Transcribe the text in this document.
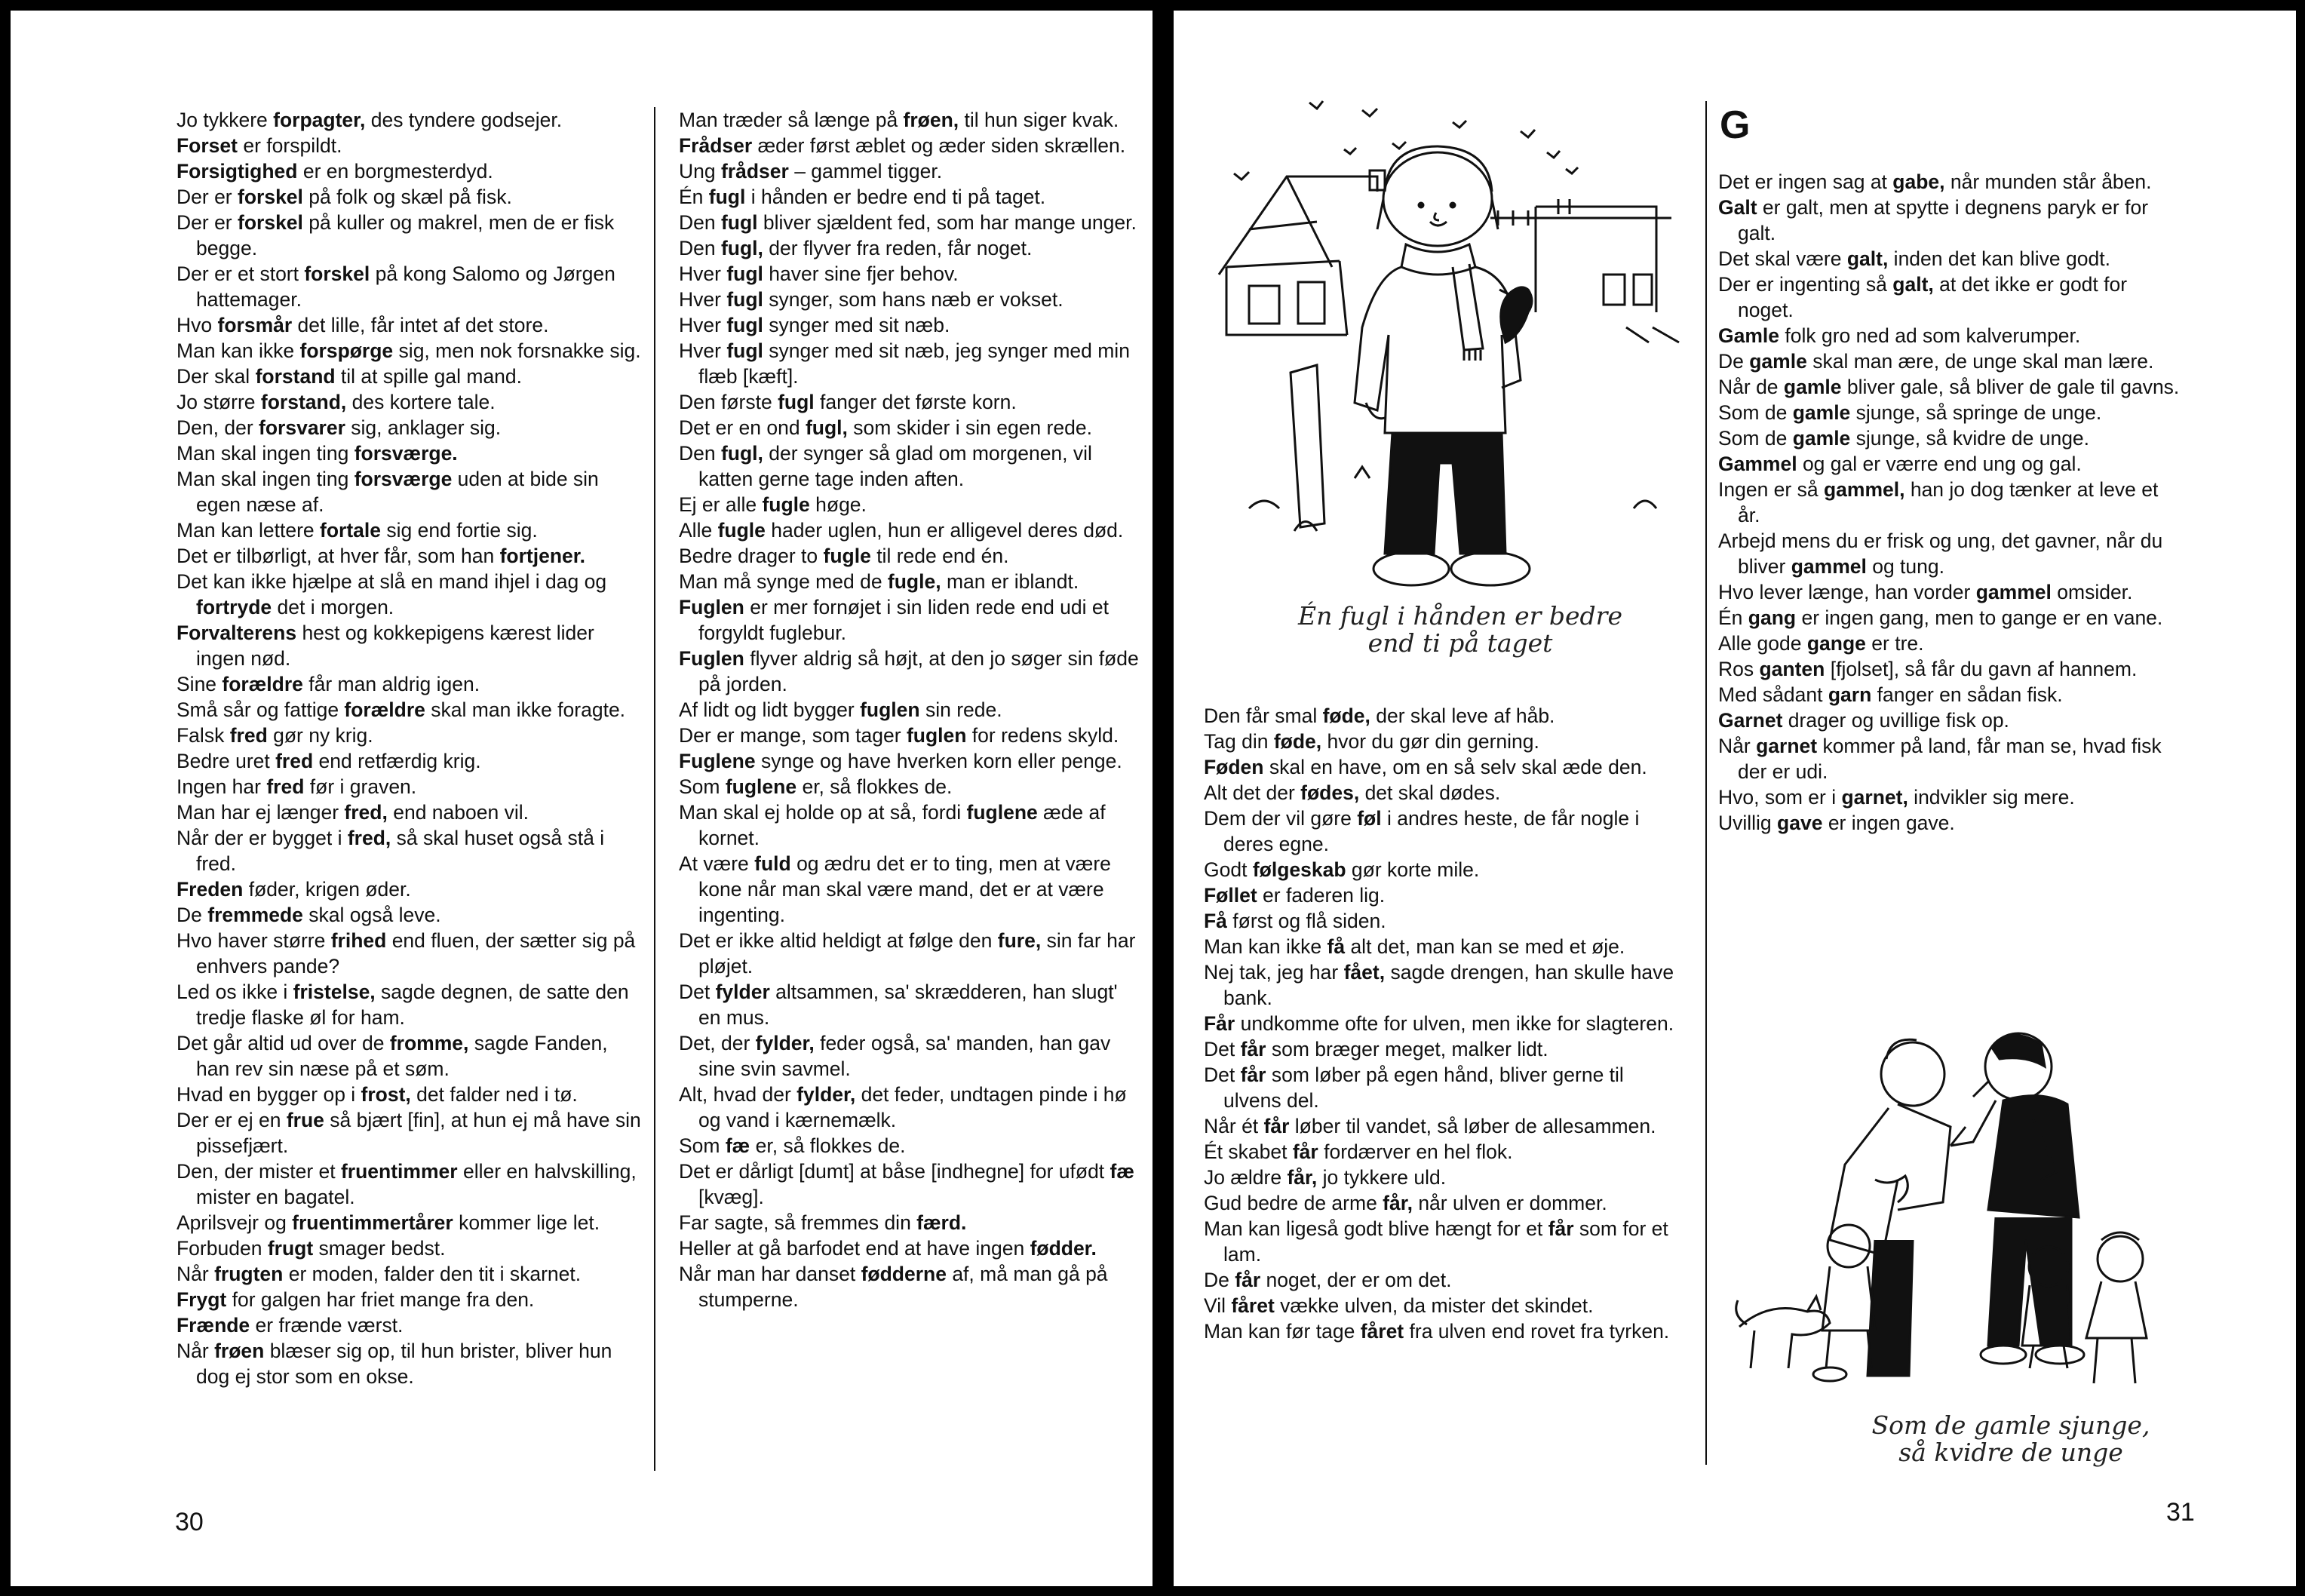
Jo tykkere forpagter, des tyndere godsejer.

Forset er forspildt.

Forsigtighed er en borgmesterdyd.

Der er forskel på folk og skæl på fisk.

Der er forskel på kuller og makrel, men de er fisk begge.

Der er et stort forskel på kong Salomo og Jørgen hattemager.

Hvo forsmår det lille, får intet af det store.

Man kan ikke forspørge sig, men nok forsnakke sig.

Der skal forstand til at spille gal mand.

Jo større forstand, des kortere tale.

Den, der forsvarer sig, anklager sig.

Man skal ingen ting forsværge.

Man skal ingen ting forsværge uden at bide sin egen næse af.

Man kan lettere fortale sig end fortie sig.

Det er tilbørligt, at hver får, som han fortjener.

Det kan ikke hjælpe at slå en mand ihjel i dag og fortryde det i morgen.

Forvalterens hest og kokkepigens kærest lider ingen nød.

Sine forældre får man aldrig igen.

Små sår og fattige forældre skal man ikke foragte.

Falsk fred gør ny krig.

Bedre uret fred end retfærdig krig.

Ingen har fred før i graven.

Man har ej længer fred, end naboen vil.

Når der er bygget i fred, så skal huset også stå i fred.

Freden føder, krigen øder.

De fremmede skal også leve.

Hvo haver større frihed end fluen, der sætter sig på enhvers pande?

Led os ikke i fristelse, sagde degnen, de satte den tredje flaske øl for ham.

Det går altid ud over de fromme, sagde Fanden, han rev sin næse på et søm.

Hvad en bygger op i frost, det falder ned i tø.

Der er ej en frue så bjært [fin], at hun ej må have sin pissefjært.

Den, der mister et fruentimmer eller en halvskilling, mister en bagatel.

Aprilsvejr og fruentimmertårer kommer lige let.

Forbuden frugt smager bedst.

Når frugten er moden, falder den tit i skarnet.

Frygt for galgen har friet mange fra den.

Frænde er frænde værst.

Når frøen blæser sig op, til hun brister, bliver hun dog ej stor som en okse.

Man træder så længe på frøen, til hun siger kvak.

Frådser æder først æblet og æder siden skrællen.

Ung frådser – gammel tigger.

Én fugl i hånden er bedre end ti på taget.

Den fugl bliver sjældent fed, som har mange unger.

Den fugl, der flyver fra reden, får noget.

Hver fugl haver sine fjer behov.

Hver fugl synger, som hans næb er vokset.

Hver fugl synger med sit næb.

Hver fugl synger med sit næb, jeg synger med min flæb [kæft].

Den første fugl fanger det første korn.

Det er en ond fugl, som skider i sin egen rede.

Den fugl, der synger så glad om morgenen, vil katten gerne tage inden aften.

Ej er alle fugle høge.

Alle fugle hader uglen, hun er alligevel deres død.

Bedre drager to fugle til rede end én.

Man må synge med de fugle, man er iblandt.

Fuglen er mer fornøjet i sin liden rede end udi et forgyldt fuglebur.

Fuglen flyver aldrig så højt, at den jo søger sin føde på jorden.

Af lidt og lidt bygger fuglen sin rede.

Der er mange, som tager fuglen for redens skyld.

Fuglene synge og have hverken korn eller penge.

Som fuglene er, så flokkes de.

Man skal ej holde op at så, fordi fuglene æde af kornet.

At være fuld og ædru det er to ting, men at være kone når man skal være mand, det er at være ingenting.

Det er ikke altid heldigt at følge den fure, sin far har pløjet.

Det fylder altsammen, sa' skrædderen, han slugt' en mus.

Det, der fylder, feder også, sa' manden, han gav sine svin savmel.

Alt, hvad der fylder, det feder, undtagen pinde i hø og vand i kærnemælk.

Som fæ er, så flokkes de.

Det er dårligt [dumt] at båse [indhegne] for ufødt fæ [kvæg].

Far sagte, så fremmes din færd.

Heller at gå barfodet end at have ingen fødder.

Når man har danset fødderne af, må man gå på stumperne.

30
Én fugl i hånden er bedre
end ti på taget

Den får smal føde, der skal leve af håb.

Tag din føde, hvor du gør din gerning.

Føden skal en have, om en så selv skal æde den.

Alt det der fødes, det skal dødes.

Dem der vil gøre føl i andres heste, de får nogle i deres egne.

Godt følgeskab gør korte mile.

Føllet er faderen lig.

Få først og flå siden.

Man kan ikke få alt det, man kan se med et øje.

Nej tak, jeg har fået, sagde drengen, han skulle have bank.

Får undkomme ofte for ulven, men ikke for slagteren.

Det får som bræger meget, malker lidt.

Det får som løber på egen hånd, bliver gerne til ulvens del.

Når ét får løber til vandet, så løber de allesammen.

Ét skabet får fordærver en hel flok.

Jo ældre får, jo tykkere uld.

Gud bedre de arme får, når ulven er dommer.

Man kan ligeså godt blive hængt for et får som for et lam.

De får noget, der er om det.

Vil fåret vække ulven, da mister det skindet.

Man kan før tage fåret fra ulven end rovet fra tyrken.

G

Det er ingen sag at gabe, når munden står åben.

Galt er galt, men at spytte i degnens paryk er for galt.

Det skal være galt, inden det kan blive godt.

Der er ingenting så galt, at det ikke er godt for noget.

Gamle folk gro ned ad som kalverumper.

De gamle skal man ære, de unge skal man lære.

Når de gamle bliver gale, så bliver de gale til gavns.

Som de gamle sjunge, så springe de unge.

Som de gamle sjunge, så kvidre de unge.

Gammel og gal er værre end ung og gal.

Ingen er så gammel, han jo dog tænker at leve et år.

Arbejd mens du er frisk og ung, det gavner, når du bliver gammel og tung.

Hvo lever længe, han vorder gammel omsider.

Én gang er ingen gang, men to gange er en vane.

Alle gode gange er tre.

Ros ganten [fjolset], så får du gavn af hannem.

Med sådant garn fanger en sådan fisk.

Garnet drager og uvillige fisk op.

Når garnet kommer på land, får man se, hvad fisk der er udi.

Hvo, som er i garnet, indvikler sig mere.

Uvillig gave er ingen gave.

Som de gamle sjunge,
så kvidre de unge
31
